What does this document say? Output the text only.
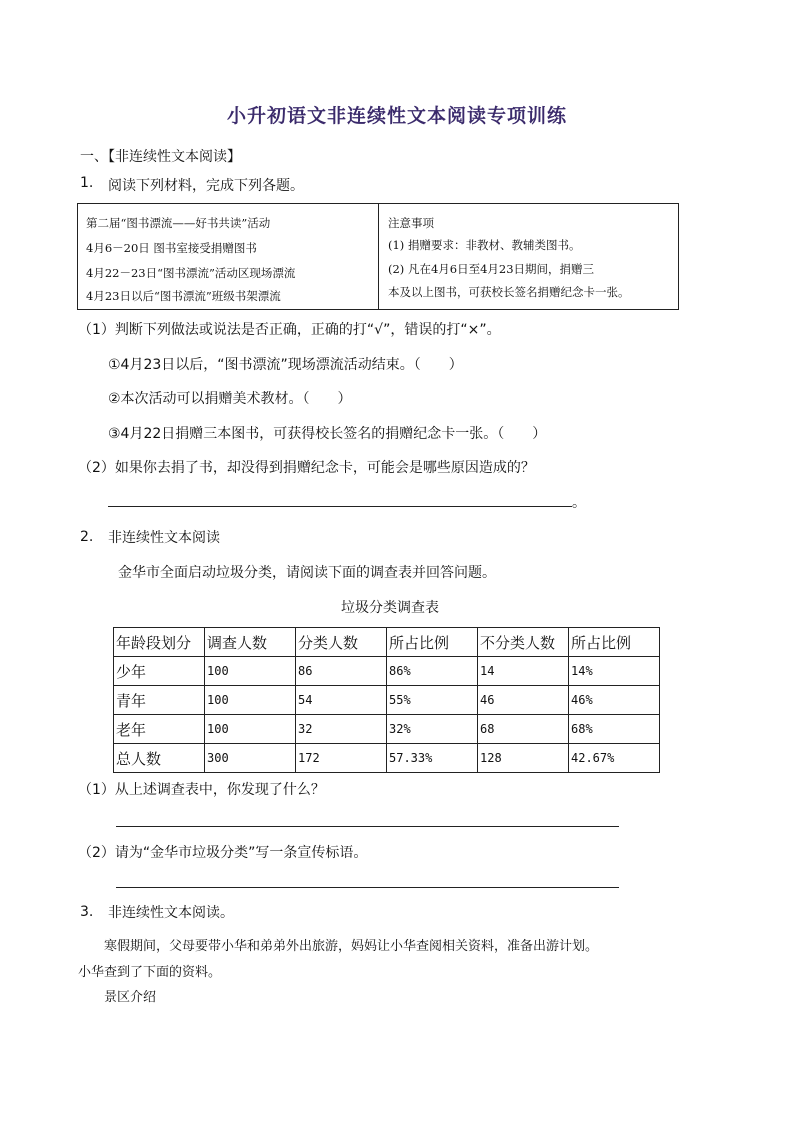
小升初语文非连续性文本阅读专项训练
一、【非连续性文本阅读】
1. 阅读下列材料，完成下列各题。
第二届“图书漂流——好书共读”活动
4月6－20日 图书室接受捐赠图书
4月22－23日“图书漂流”活动区现场漂流
4月23日以后“图书漂流”班级书架漂流
注意事项
(1) 捐赠要求：非教材、教辅类图书。
(2) 凡在4月6日至4月23日期间，捐赠三
本及以上图书，可获校长签名捐赠纪念卡一张。
（1）判断下列做法或说法是否正确，正确的打“√”，错误的打“×”。
①4月23日以后，“图书漂流”现场漂流活动结束。（　　）
②本次活动可以捐赠美术教材。（　　）
③4月22日捐赠三本图书，可获得校长签名的捐赠纪念卡一张。（　　）
（2）如果你去捐了书，却没得到捐赠纪念卡，可能会是哪些原因造成的？
。
2. 非连续性文本阅读
金华市全面启动垃圾分类，请阅读下面的调查表并回答问题。
垃圾分类调查表
年龄段划分	调查人数	分类人数	所占比例	不分类人数	所占比例
少年	100	86	86%	14	14%
青年	100	54	55%	46	46%
老年	100	32	32%	68	68%
总人数	300	172	57.33%	128	42.67%
（1）从上述调查表中，你发现了什么？
（2）请为“金华市垃圾分类”写一条宣传标语。
3. 非连续性文本阅读。
寒假期间，父母要带小华和弟弟外出旅游，妈妈让小华查阅相关资料，准备出游计划。
小华查到了下面的资料。
景区介绍
